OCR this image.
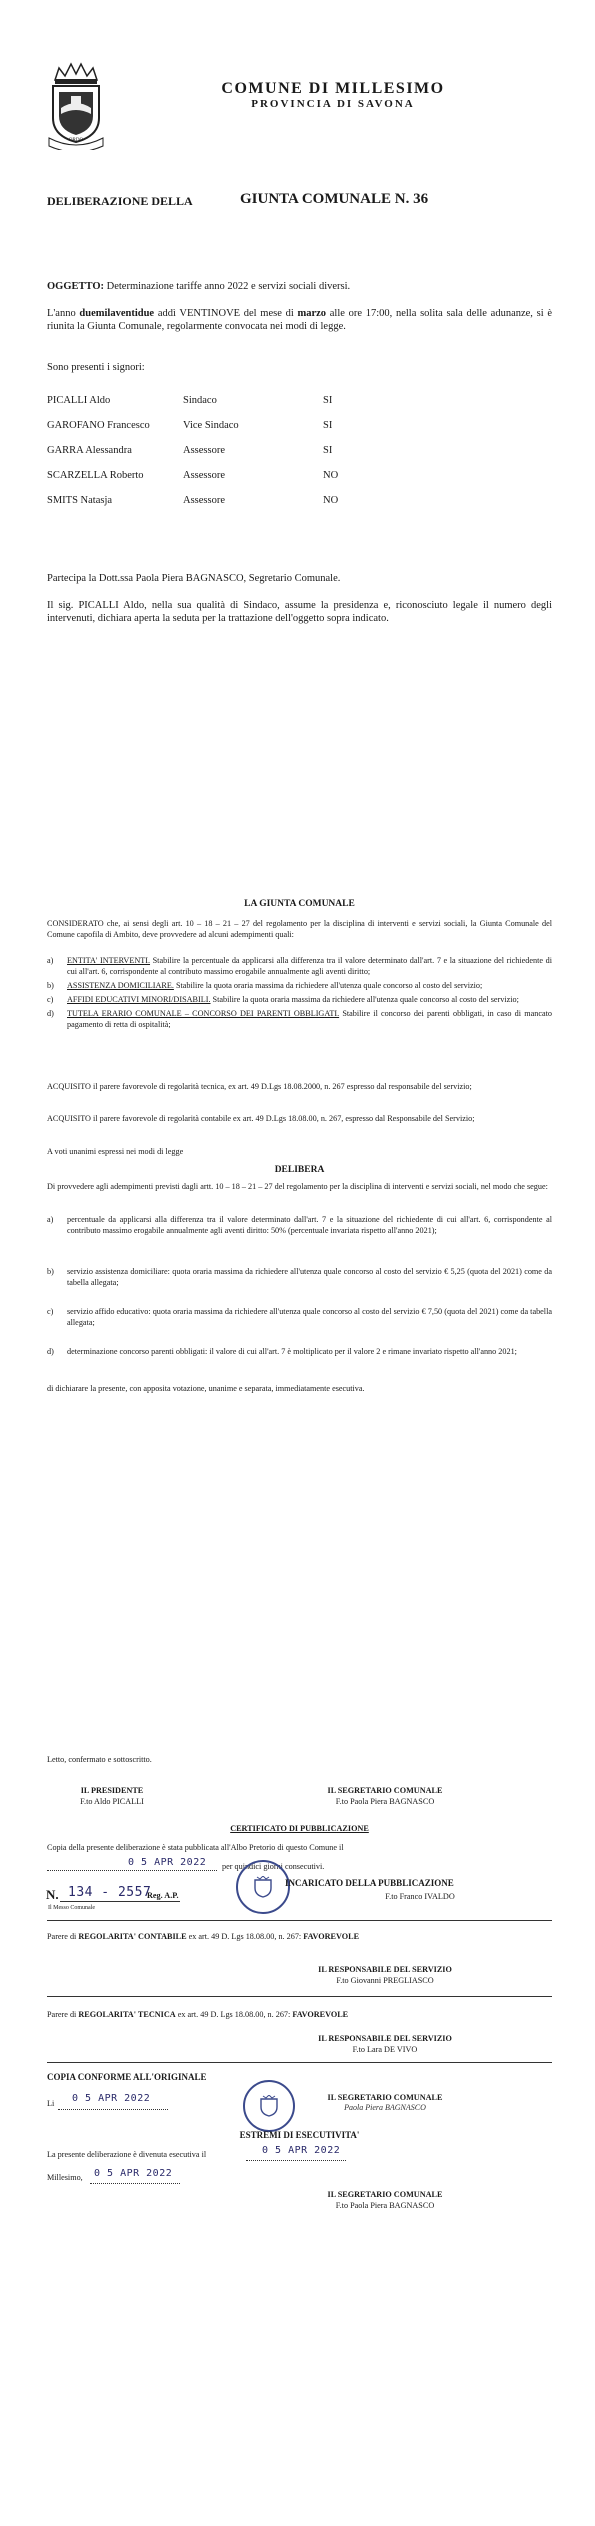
ORDO
COMUNE DI MILLESIMO
PROVINCIA DI SAVONA
DELIBERAZIONE DELLA	GIUNTA COMUNALE N. 36
OGGETTO: Determinazione tariffe anno 2022 e servizi sociali diversi.
L'anno duemilaventidue addì VENTINOVE del mese di marzo alle ore 17:00, nella solita sala delle adunanze, si è riunita la Giunta Comunale, regolarmente convocata nei modi di legge.
Sono presenti i signori:
PICALLI Aldo	Sindaco	SI
GAROFANO Francesco	Vice Sindaco	SI
GARRA Alessandra	Assessore	SI
SCARZELLA Roberto	Assessore	NO
SMITS Natasja	Assessore	NO
Partecipa la Dott.ssa Paola Piera BAGNASCO, Segretario Comunale.
Il sig. PICALLI Aldo, nella sua qualità di Sindaco, assume la presidenza e, riconosciuto legale il numero degli intervenuti, dichiara aperta la seduta per la trattazione dell'oggetto sopra indicato.
LA GIUNTA COMUNALE
CONSIDERATO che, ai sensi degli art. 10 – 18 – 21 – 27 del regolamento per la disciplina di interventi e servizi sociali, la Giunta Comunale del Comune capofila di Ambito, deve provvedere ad alcuni adempimenti quali:
a)	ENTITA' INTERVENTI. Stabilire la percentuale da applicarsi alla differenza tra il valore determinato dall'art. 7 e la situazione del richiedente di cui all'art. 6, corrispondente al contributo massimo erogabile annualmente agli aventi diritto;
b)	ASSISTENZA DOMICILIARE. Stabilire la quota oraria massima da richiedere all'utenza quale concorso al costo del servizio;
c)	AFFIDI EDUCATIVI MINORI/DISABILI. Stabilire la quota oraria massima da richiedere all'utenza quale concorso al costo del servizio;
d)	TUTELA ERARIO COMUNALE – CONCORSO DEI PARENTI OBBLIGATI. Stabilire il concorso dei parenti obbligati, in caso di mancato pagamento di retta di ospitalità;
ACQUISITO il parere favorevole di regolarità tecnica, ex art. 49 D.Lgs 18.08.2000, n. 267 espresso dal responsabile del servizio;
ACQUISITO il parere favorevole di regolarità contabile ex art. 49 D.Lgs 18.08.00, n. 267, espresso dal Responsabile del Servizio;
A voti unanimi espressi nei modi di legge
DELIBERA
Di provvedere agli adempimenti previsti dagli artt. 10 – 18 – 21 – 27 del regolamento per la disciplina di interventi e servizi sociali, nel modo che segue:
a)	percentuale da applicarsi alla differenza tra il valore determinato dall'art. 7 e la situazione del richiedente di cui all'art. 6, corrispondente al contributo massimo erogabile annualmente agli aventi diritto: 50% (percentuale invariata rispetto all'anno 2021);
b)	servizio assistenza domiciliare: quota oraria massima da richiedere all'utenza quale concorso al costo del servizio € 5,25 (quota del 2021) come da tabella allegata;
c)	servizio affido educativo: quota oraria massima da richiedere all'utenza quale concorso al costo del servizio € 7,50 (quota del 2021) come da tabella allegata;
d)	determinazione concorso parenti obbligati: il valore di cui all'art. 7 è moltiplicato per il valore 2 e rimane invariato rispetto all'anno 2021;
di dichiarare la presente, con apposita votazione, unanime e separata, immediatamente esecutiva.
Letto, confermato e sottoscritto.
IL PRESIDENTE
F.to Aldo PICALLI
IL SEGRETARIO COMUNALE
F.to Paola Piera BAGNASCO
CERTIFICATO DI PUBBLICAZIONE
Copia della presente deliberazione è stata pubblicata all'Albo Pretorio di questo Comune il
0 5 APR 2022 per quindici giorni consecutivi.
N. 134 - 2557
Reg. A.P.
Il Messo Comunale
INCARICATO DELLA PUBBLICAZIONE
F.to Franco IVALDO
Parere di REGOLARITA' CONTABILE ex art. 49 D. Lgs 18.08.00, n. 267: FAVOREVOLE
IL RESPONSABILE DEL SERVIZIO
F.to Giovanni PREGLIASCO
Parere di REGOLARITA' TECNICA ex art. 49 D. Lgs 18.08.00, n. 267: FAVOREVOLE
IL RESPONSABILE DEL SERVIZIO
F.to Lara DE VIVO
COPIA CONFORME ALL'ORIGINALE
Li 0 5 APR 2022	IL SEGRETARIO COMUNALE
Paola Piera BAGNASCO
ESTREMI DI ESECUTIVITA'
La presente deliberazione è divenuta esecutiva il	0 5 APR 2022
Millesimo, 0 5 APR 2022
IL SEGRETARIO COMUNALE
F.to Paola Piera BAGNASCO
